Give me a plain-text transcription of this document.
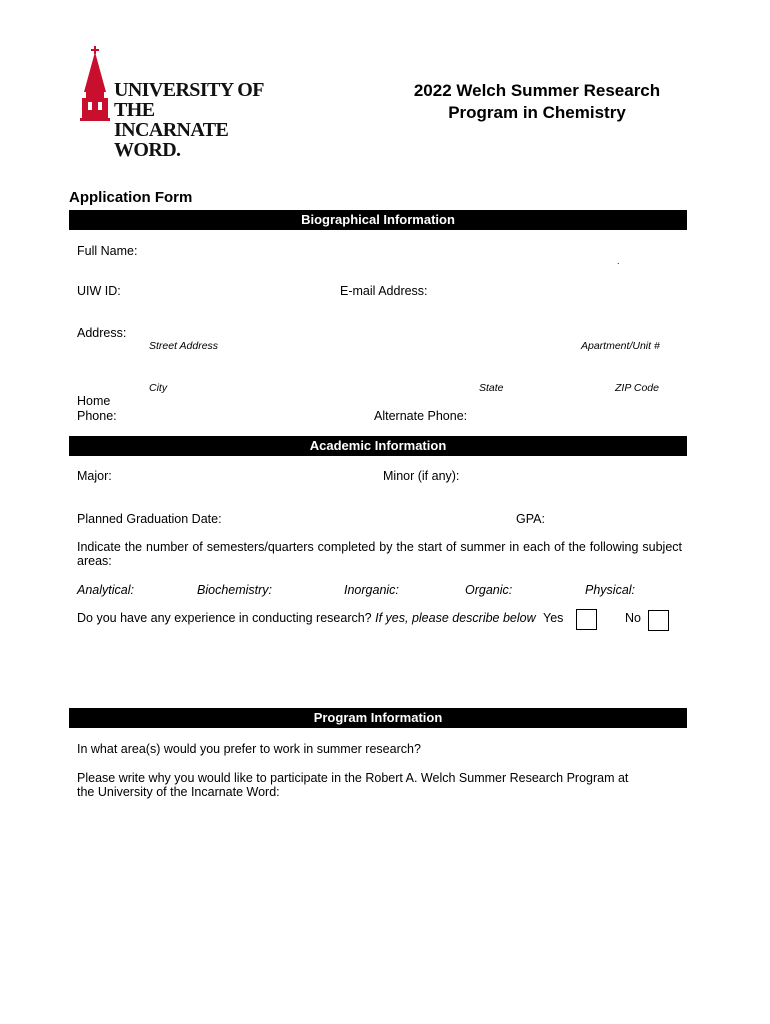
UNIVERSITY OF THE
INCARNATE WORD.
2022 Welch Summer Research
Program in Chemistry
Application Form
Biographical Information
Full Name:
.
UIW ID:	E-mail Address:
Address:
Street Address	Apartment/Unit #
City	State	ZIP Code
Home
Phone:	Alternate Phone:
Academic Information
Major:	Minor (if any):
Planned Graduation Date:	GPA:
Indicate the number of semesters/quarters completed by the start of summer in each of the following subject areas:
Analytical:	Biochemistry:	Inorganic:	Organic:	Physical:
Do you have any experience in conducting research? If yes, please describe below Yes	No
Program Information
In what area(s) would you prefer to work in summer research?
Please write why you would like to participate in the Robert A. Welch Summer Research Program at the University of the Incarnate Word:
